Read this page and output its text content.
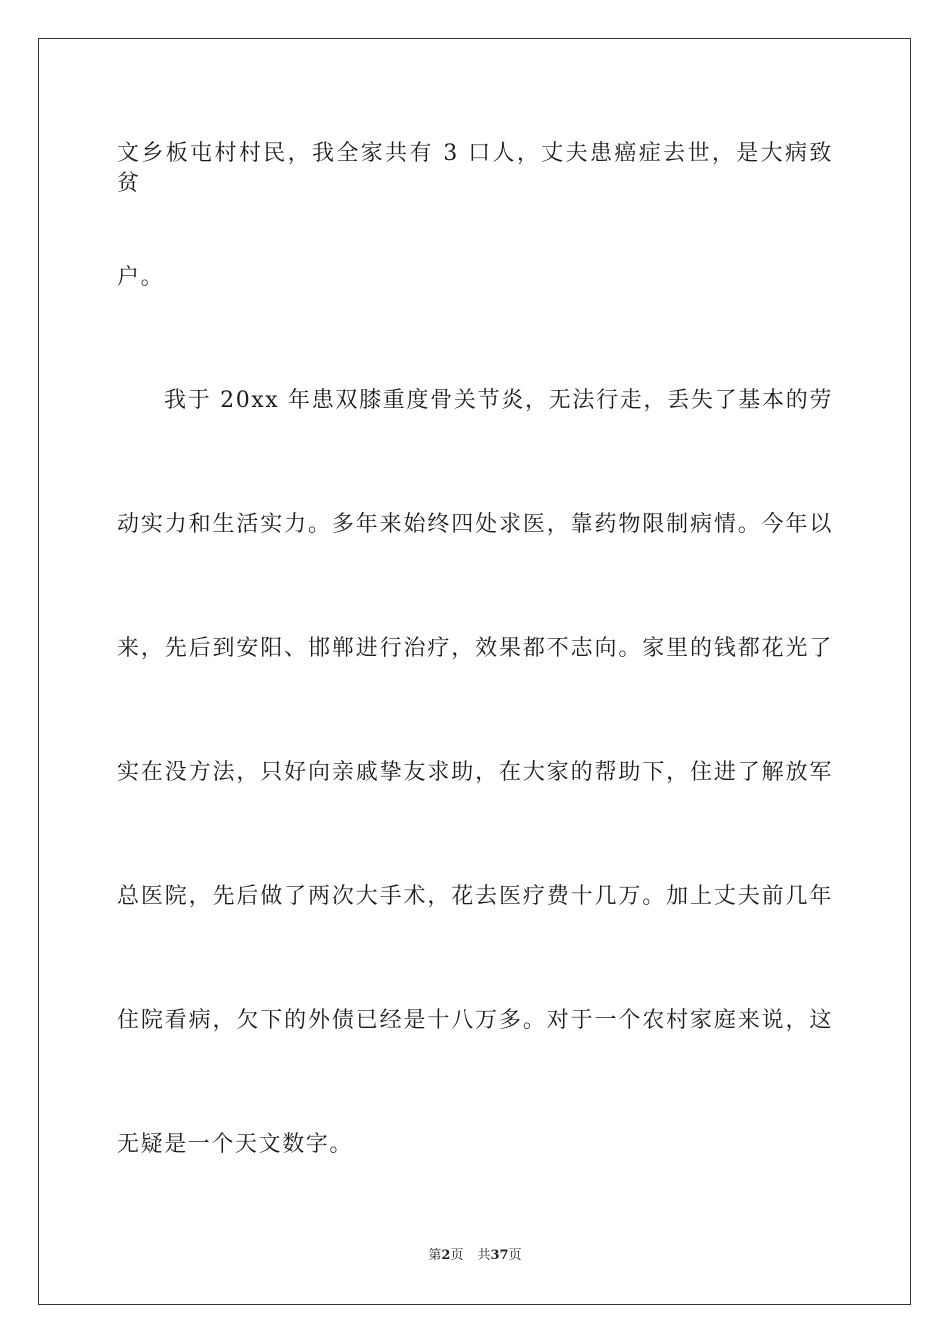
文乡板屯村村民，我全家共有 3 口人，丈夫患癌症去世，是大病致贫
户。
我于 20xx 年患双膝重度骨关节炎，无法行走，丢失了基本的劳
动实力和生活实力。多年来始终四处求医，靠药物限制病情。今年以
来，先后到安阳、邯郸进行治疗，效果都不志向。家里的钱都花光了
实在没方法，只好向亲戚挚友求助，在大家的帮助下，住进了解放军
总医院，先后做了两次大手术，花去医疗费十几万。加上丈夫前几年
住院看病，欠下的外债已经是十八万多。对于一个农村家庭来说，这
无疑是一个天文数字。
第2页 共37页
